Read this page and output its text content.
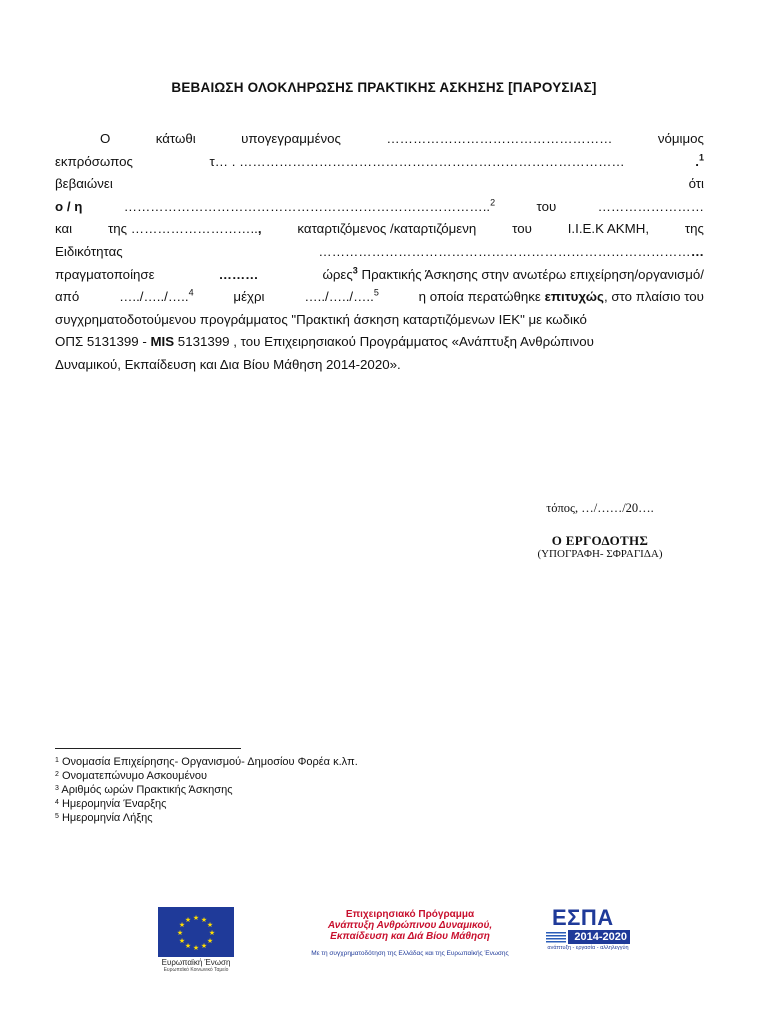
ΒΕΒΑΙΩΣΗ ΟΛΟΚΛΗΡΩΣΗΣ ΠΡΑΚΤΙΚΗΣ ΑΣΚΗΣΗΣ [ΠΑΡΟΥΣΙΑΣ]
Ο	κάτωθι	υπογεγραμμένος	……………………………………………	νόμιμος
εκπρόσωπος	τ… . ……………………………………………………………………………	.$^1$
βεβαιώνει	ότι
ο / η	………………………………………………………………………..$^2$	του	……………………
και	της ………………………..,	καταρτιζόμενος /καταρτιζόμενη	του	Ι.Ι.Ε.Κ ΑΚΜΗ,	της
Ειδικότητας	……………………………………………………………………………
πραγματοποίησε	………	ώρες$^3$ Πρακτικής Άσκησης στην ανωτέρω επιχείρηση/οργανισμό/
από	…../…../…..$^4$	μέχρι	…../…../…..$^5$	η οποία περατώθηκε επιτυχώς, στο πλαίσιο του
συγχρηματοδοτούμενου προγράμματος "Πρακτική άσκηση καταρτιζόμενων ΙΕΚ" με κωδικό
ΟΠΣ 5131399 - MIS 5131399 , του Επιχειρησιακού Προγράμματος «Ανάπτυξη Ανθρώπινου
Δυναμικού, Εκπαίδευση και Δια Βίου Μάθηση 2014-2020».
τόπος, …/……/20….
Ο ΕΡΓΟΔΟΤΗΣ
(ΥΠΟΓΡΑΦΗ- ΣΦΡΑΓΙΔΑ)
$^1$ Ονομασία Επιχείρησης- Οργανισμού- Δημοσίου Φορέα κ.λπ.
$^2$ Ονοματεπώνυμο Ασκουμένου
$^3$ Αριθμός ωρών Πρακτικής Άσκησης
$^4$ Ημερομηνία Έναρξης
$^5$ Ημερομηνία Λήξης
★ ★
★
★
★
★
★
★
★
★
★
★
Ευρωπαϊκή Ένωση
Ευρωπαϊκό Κοινωνικό Ταμείο
Επιχειρησιακό Πρόγραμμα
Ανάπτυξη Ανθρώπινου Δυναμικού,
Εκπαίδευση και Διά Βίου Μάθηση
Με τη συγχρηματοδότηση της Ελλάδας και της Ευρωπαϊκής Ένωσης
ΕΣΠΑ
2014-2020
ανάπτυξη - εργασία - αλληλεγγύη
